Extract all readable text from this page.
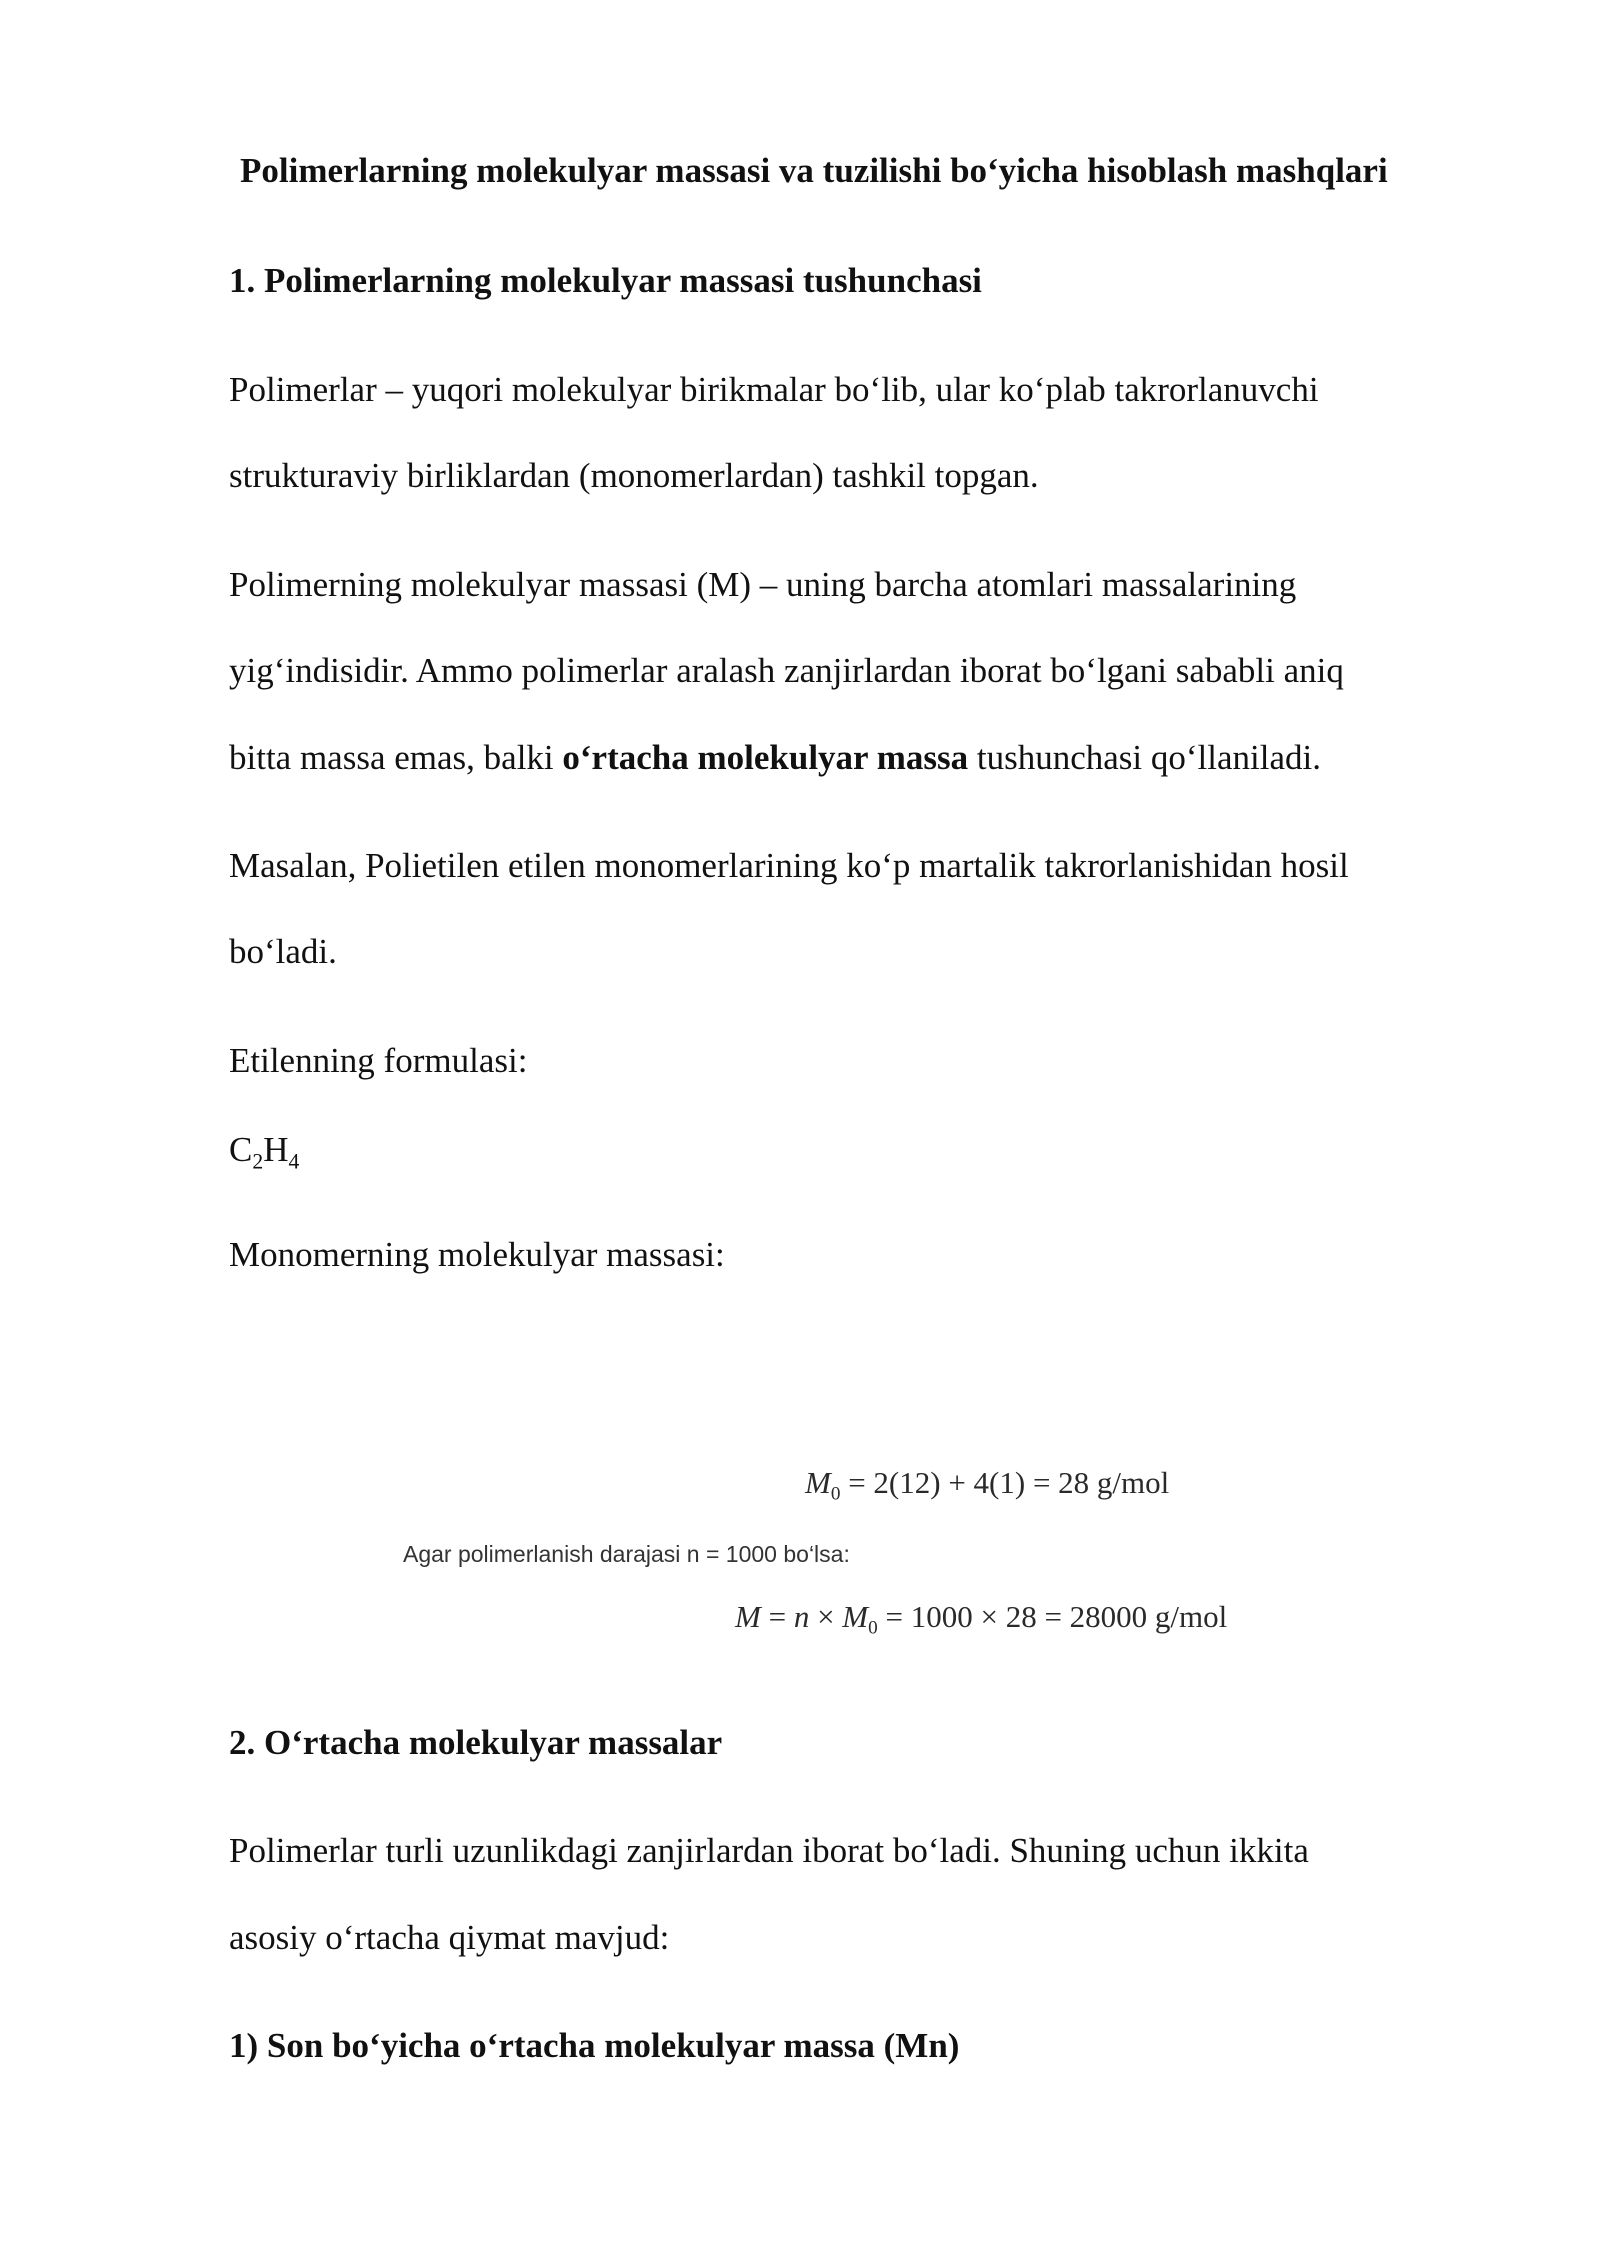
Polimerlarning molekulyar massasi va tuzilishi bo‘yicha hisoblash mashqlari
1. Polimerlarning molekulyar massasi tushunchasi

Polimerlar – yuqori molekulyar birikmalar bo‘lib, ular ko‘plab takrorlanuvchi

strukturaviy birliklardan (monomerlardan) tashkil topgan.

Polimerning molekulyar massasi (M) – uning barcha atomlari massalarining

yig‘indisidir. Ammo polimerlar aralash zanjirlardan iborat bo‘lgani sababli aniq

bitta massa emas, balki o‘rtacha molekulyar massa tushunchasi qo‘llaniladi.

Masalan, Polietilen etilen monomerlarining ko‘p martalik takrorlanishidan hosil

bo‘ladi.

Etilenning formulasi:

$C_2H_4$

Monomerning molekulyar massasi:

$M_0 = 2(12) + 4(1) = 28$ g/mol
Agar polimerlanish darajasi n = 1000 bo‘lsa:
$M = n \times M_0 = 1000 \times 28 = 28000$ g/mol
2. O‘rtacha molekulyar massalar

Polimerlar turli uzunlikdagi zanjirlardan iborat bo‘ladi. Shuning uchun ikkita

asosiy o‘rtacha qiymat mavjud:

1) Son bo‘yicha o‘rtacha molekulyar massa (Mn)
